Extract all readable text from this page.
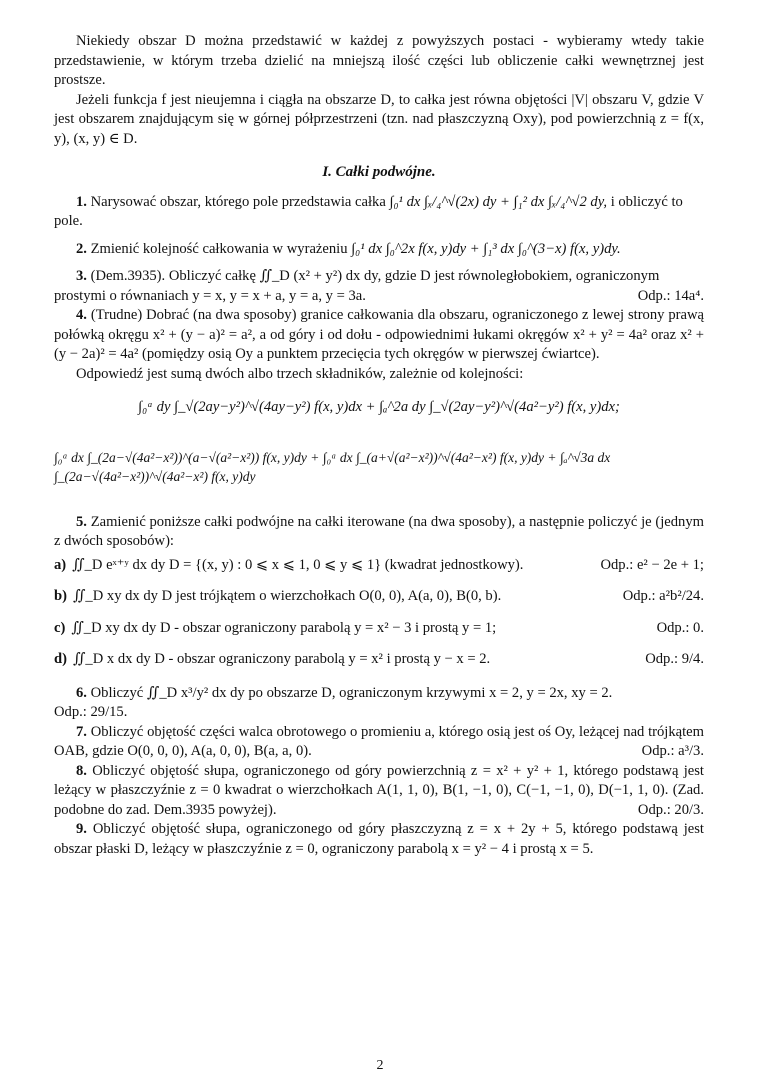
Niekiedy obszar D można przedstawić w każdej z powyższych postaci - wybieramy wtedy takie przedstawienie, w którym trzeba dzielić na mniejszą ilość części lub obliczenie całki wewnętrznej jest prostsze.

Jeżeli funkcja f jest nieujemna i ciągła na obszarze D, to całka jest równa objętości |V| obszaru V, gdzie V jest obszarem znajdującym się w górnej półprzestrzeni (tzn. nad płaszczyzną Oxy), pod powierzchnią z = f(x, y), (x, y) ∈ D.

I. Całki podwójne.
1. Narysować obszar, którego pole przedstawia całka ∫₀¹ dx ∫ₓ/₄^√(2x) dy + ∫₁² dx ∫ₓ/₄^√2 dy, i obliczyć to

pole.

2. Zmienić kolejność całkowania w wyrażeniu ∫₀¹ dx ∫₀^2x f(x, y)dy + ∫₁³ dx ∫₀^(3−x) f(x, y)dy.
3. (Dem.3935). Obliczyć całkę ∬_D (x² + y²) dx dy, gdzie D jest równoległobokiem, ograniczonym
prostymi o równaniach y = x, y = x + a, y = a, y = 3a.	Odp.: 14a⁴.

4. (Trudne) Dobrać (na dwa sposoby) granice całkowania dla obszaru, ograniczonego z lewej strony prawą połówką okręgu x² + (y − a)² = a², a od góry i od dołu - odpowiednimi łukami okręgów x² + y² = 4a² oraz x² + (y − 2a)² = 4a² (pomiędzy osią Oy a punktem przecięcia tych okręgów w pierwszej ćwiartce).

Odpowiedź jest sumą dwóch albo trzech składników, zależnie od kolejności:

∫₀ᵃ dy ∫_√(2ay−y²)^√(4ay−y²) f(x, y)dx + ∫ₐ^2a dy ∫_√(2ay−y²)^√(4a²−y²) f(x, y)dx;
∫₀ᵃ dx ∫_(2a−√(4a²−x²))^(a−√(a²−x²)) f(x, y)dy + ∫₀ᵃ dx ∫_(a+√(a²−x²))^√(4a²−x²) f(x, y)dy + ∫ₐ^√3a dx ∫_(2a−√(4a²−x²))^√(4a²−x²) f(x, y)dy

5. Zamienić poniższe całki podwójne na całki iterowane (na dwa sposoby), a następnie policzyć je (jednym z dwóch sposobów):

a) ∬_D eˣ⁺ʸ dx dy D = {(x, y) : 0 ⩽ x ⩽ 1, 0 ⩽ y ⩽ 1} (kwadrat jednostkowy).	Odp.: e² − 2e + 1;
b) ∬_D xy dx dy D jest trójkątem o wierzchołkach O(0, 0), A(a, 0), B(0, b).	Odp.: a²b²/24.
c) ∬_D xy dx dy D - obszar ograniczony parabolą y = x² − 3 i prostą y = 1;	Odp.: 0.
d) ∬_D x dx dy D - obszar ograniczony parabolą y = x² i prostą y − x = 2.	Odp.: 9/4.

6. Obliczyć ∬_D x³/y² dx dy po obszarze D, ograniczonym krzywymi x = 2, y = 2x, xy = 2.

Odp.: 29/15.

7. Obliczyć objętość części walca obrotowego o promieniu a, którego osią jest oś Oy, leżącej nad trójkątem OAB, gdzie O(0, 0, 0), A(a, 0, 0), B(a, a, 0).	Odp.: a³/3.
8. Obliczyć objętość słupa, ograniczonego od góry powierzchnią z = x² + y² + 1, którego podstawą jest leżący w płaszczyźnie z = 0 kwadrat o wierzchołkach A(1, 1, 0), B(1, −1, 0), C(−1, −1, 0), D(−1, 1, 0). (Zad. podobne do zad. Dem.3935 powyżej).	Odp.: 20/3.

9. Obliczyć objętość słupa, ograniczonego od góry płaszczyzną z = x + 2y + 5, którego podstawą jest obszar płaski D, leżący w płaszczyźnie z = 0, ograniczony parabolą x = y² − 4 i prostą x = 5.

2
